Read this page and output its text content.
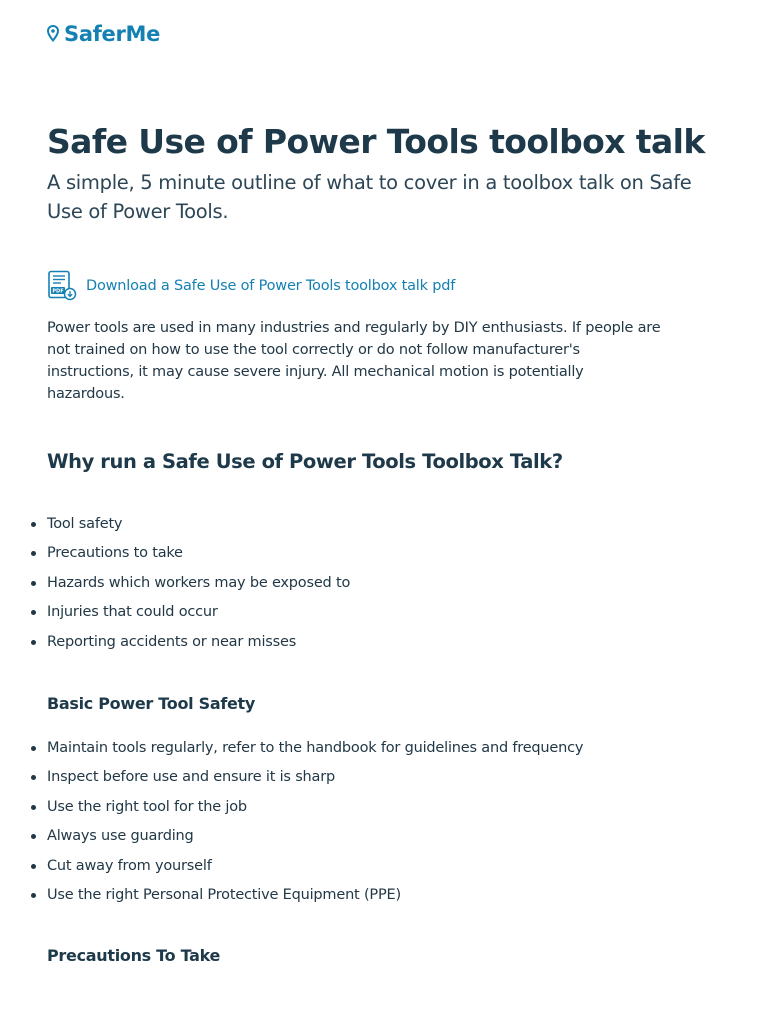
SaferMe
Safe Use of Power Tools toolbox talk

A simple, 5 minute outline of what to cover in a toolbox talk on Safe Use of Power Tools.

PDF Download a Safe Use of Power Tools toolbox talk pdf

Power tools are used in many industries and regularly by DIY enthusiasts. If people are not trained on how to use the tool correctly or do not follow manufacturer's instructions, it may cause severe injury. All mechanical motion is potentially hazardous.

Why run a Safe Use of Power Tools Toolbox Talk?
Tool safety
Precautions to take
Hazards which workers may be exposed to
Injuries that could occur
Reporting accidents or near misses
Basic Power Tool Safety
Maintain tools regularly, refer to the handbook for guidelines and frequency
Inspect before use and ensure it is sharp
Use the right tool for the job
Always use guarding
Cut away from yourself
Use the right Personal Protective Equipment (PPE)
Precautions To Take
